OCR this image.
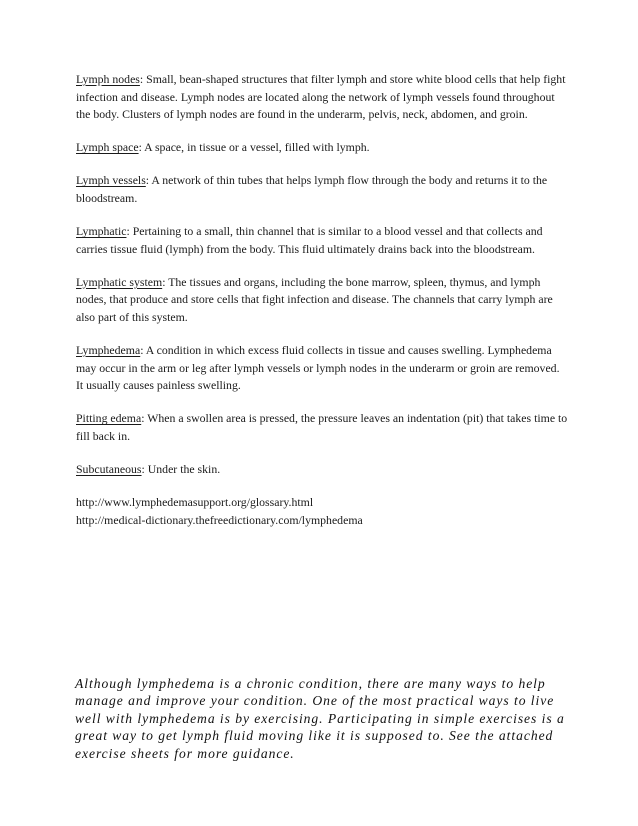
Lymph nodes: Small, bean-shaped structures that filter lymph and store white blood cells that help fight infection and disease. Lymph nodes are located along the network of lymph vessels found throughout the body. Clusters of lymph nodes are found in the underarm, pelvis, neck, abdomen, and groin.

Lymph space: A space, in tissue or a vessel, filled with lymph.

Lymph vessels: A network of thin tubes that helps lymph flow through the body and returns it to the bloodstream.

Lymphatic: Pertaining to a small, thin channel that is similar to a blood vessel and that collects and carries tissue fluid (lymph) from the body. This fluid ultimately drains back into the bloodstream.

Lymphatic system: The tissues and organs, including the bone marrow, spleen, thymus, and lymph nodes, that produce and store cells that fight infection and disease. The channels that carry lymph are also part of this system.

Lymphedema: A condition in which excess fluid collects in tissue and causes swelling. Lymphedema may occur in the arm or leg after lymph vessels or lymph nodes in the underarm or groin are removed. It usually causes painless swelling.

Pitting edema: When a swollen area is pressed, the pressure leaves an indentation (pit) that takes time to fill back in.

Subcutaneous: Under the skin.

http://www.lymphedemasupport.org/glossary.html
http://medical-dictionary.thefreedictionary.com/lymphedema

Although lymphedema is a chronic condition, there are many ways to help manage and improve your condition. One of the most practical ways to live well with lymphedema is by exercising. Participating in simple exercises is a great way to get lymph fluid moving like it is supposed to. See the attached exercise sheets for more guidance.
